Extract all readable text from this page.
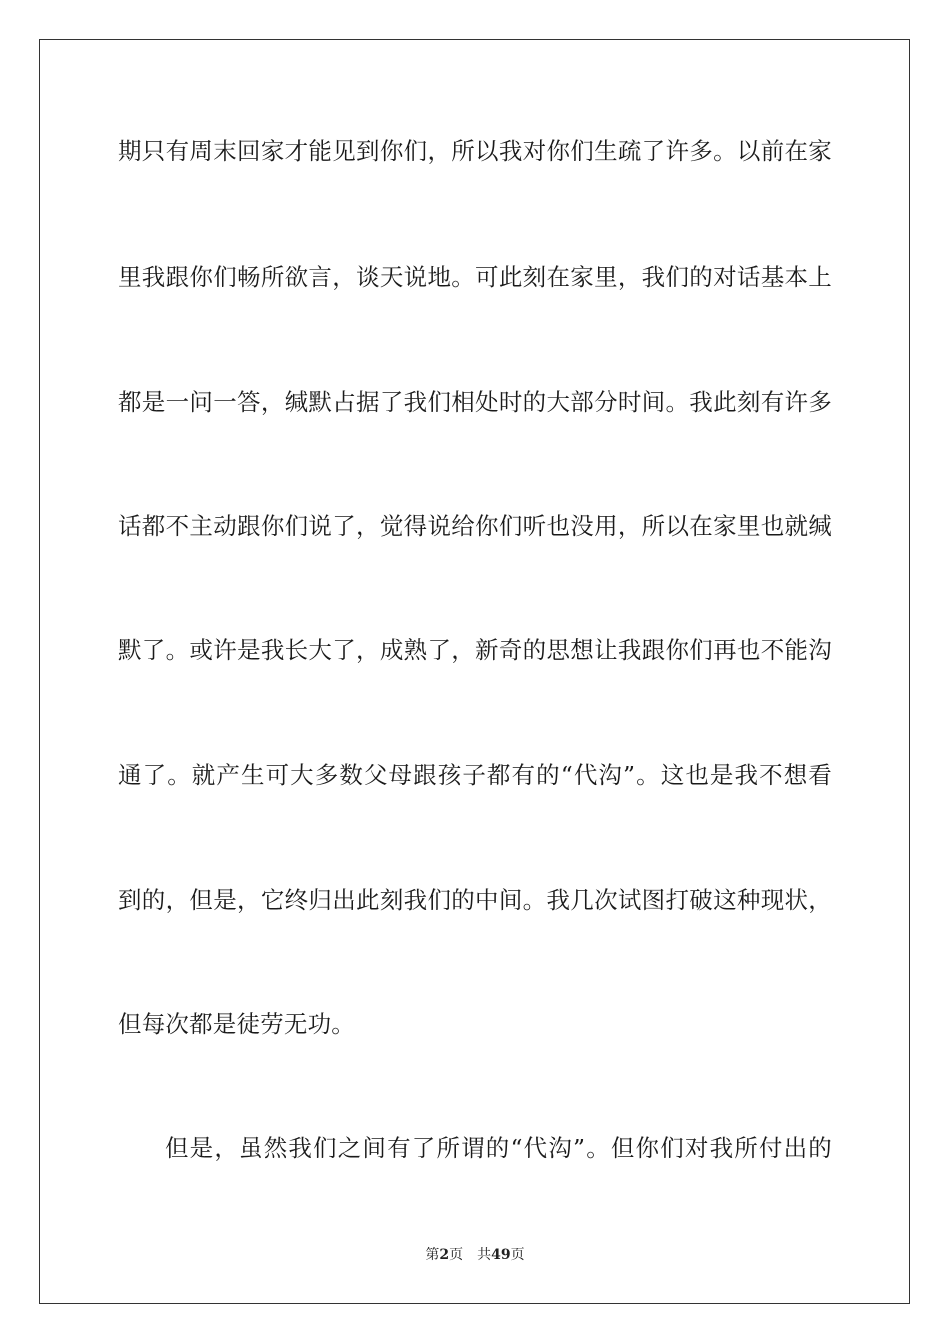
期只有周末回家才能见到你们，所以我对你们生疏了许多。以前在家
里我跟你们畅所欲言，谈天说地。可此刻在家里，我们的对话基本上
都是一问一答，缄默占据了我们相处时的大部分时间。我此刻有许多
话都不主动跟你们说了，觉得说给你们听也没用，所以在家里也就缄
默了。或许是我长大了，成熟了，新奇的思想让我跟你们再也不能沟
通了。就产生可大多数父母跟孩子都有的“代沟”。这也是我不想看
到的，但是，它终归出此刻我们的中间。我几次试图打破这种现状，
但每次都是徒劳无功。
但是，虽然我们之间有了所谓的“代沟”。但你们对我所付出的
第2页 共49页
